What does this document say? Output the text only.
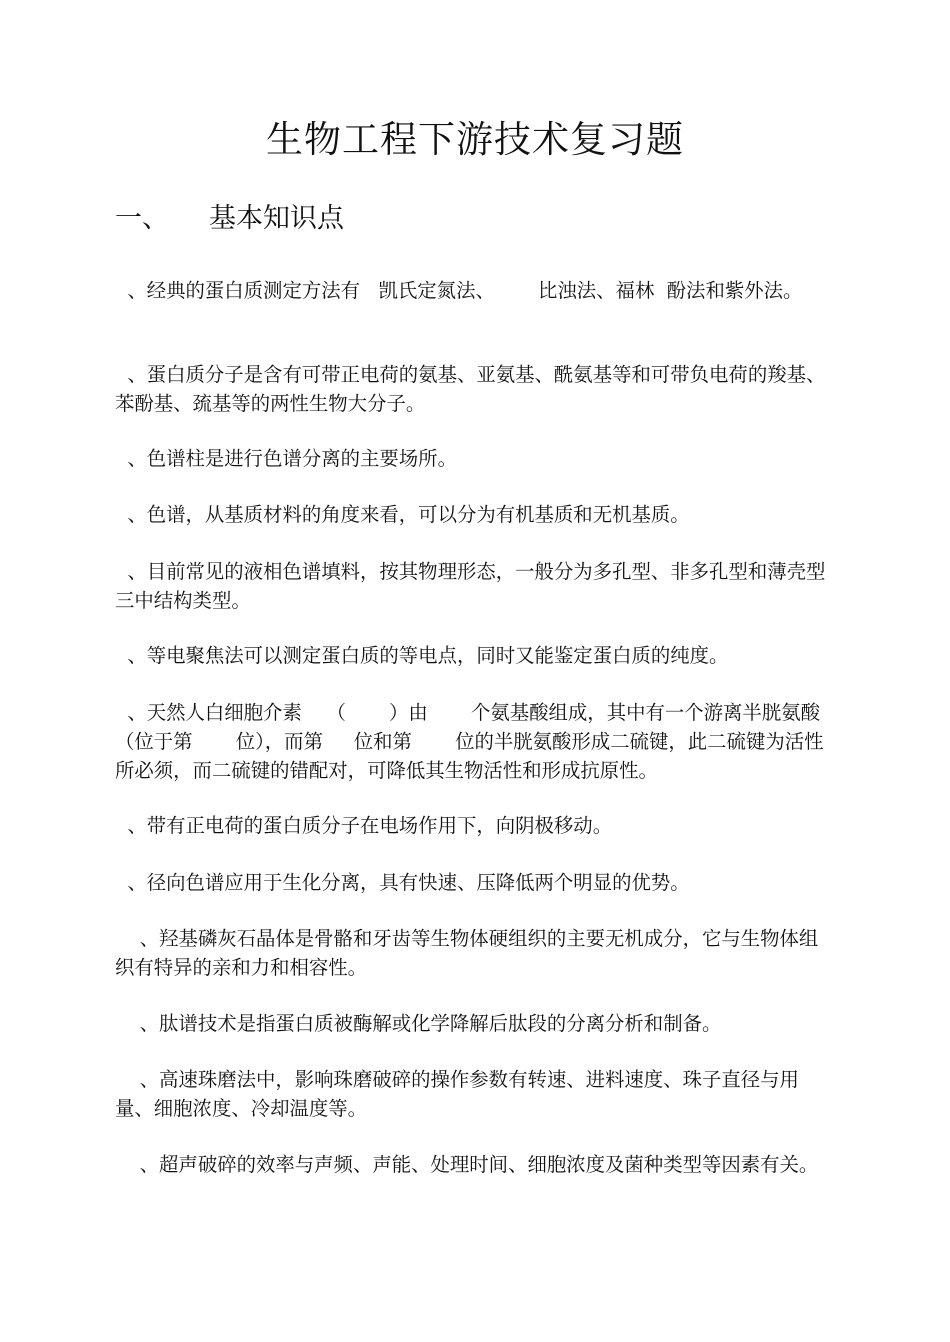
生物工程下游技术复习题
一、 基本知识点

、经典的蛋白质测定方法有   凯氏定氮法、       比浊法、福林  酚法和紫外法。

、蛋白质分子是含有可带正电荷的氨基、亚氨基、酰氨基等和可带负电荷的羧基、苯酚基、巯基等的两性生物大分子。

、色谱柱是进行色谱分离的主要场所。

、色谱，从基质材料的角度来看，可以分为有机基质和无机基质。

、目前常见的液相色谱填料，按其物理形态，一般分为多孔型、非多孔型和薄壳型三中结构类型。

、等电聚焦法可以测定蛋白质的等电点，同时又能鉴定蛋白质的纯度。

、天然人白细胞介素    （       ）由       个氨基酸组成，其中有一个游离半胱氨酸（位于第       位），而第     位和第       位的半胱氨酸形成二硫键，此二硫键为活性所必须，而二硫键的错配对，可降低其生物活性和形成抗原性。

、带有正电荷的蛋白质分子在电场作用下，向阴极移动。

、径向色谱应用于生化分离，具有快速、压降低两个明显的优势。

、羟基磷灰石晶体是骨骼和牙齿等生物体硬组织的主要无机成分，它与生物体组织有特异的亲和力和相容性。

、肽谱技术是指蛋白质被酶解或化学降解后肽段的分离分析和制备。

、高速珠磨法中，影响珠磨破碎的操作参数有转速、进料速度、珠子直径与用量、细胞浓度、冷却温度等。

、超声破碎的效率与声频、声能、处理时间、细胞浓度及菌种类型等因素有关。
